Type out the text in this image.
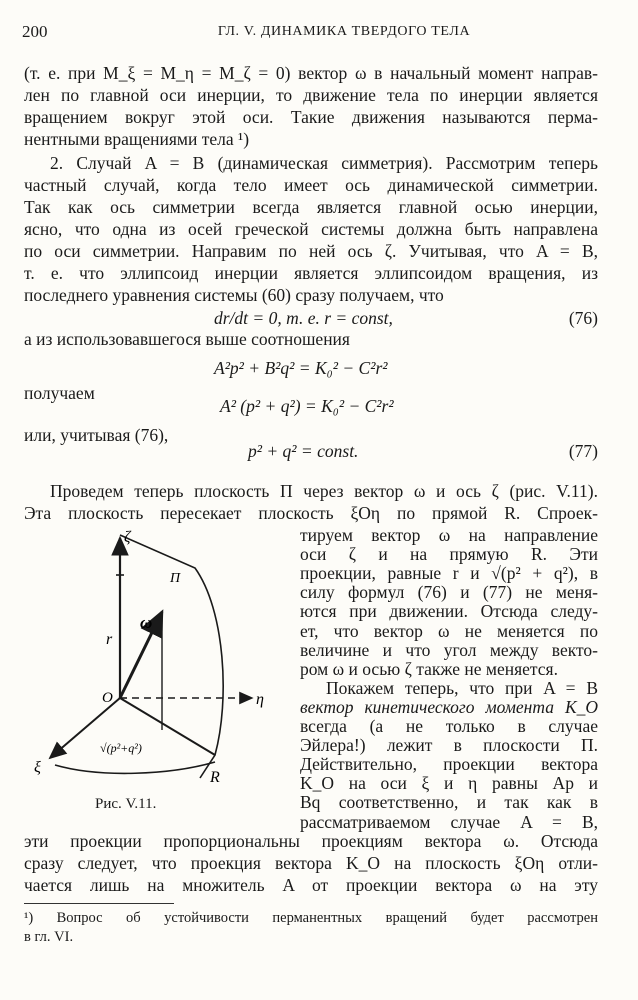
200	ГЛ. V. ДИНАМИКА ТВЕРДОГО ТЕЛА
(т. е. при M_ξ = M_η = M_ζ = 0) вектор ω в начальный момент направ-
лен по главной оси инерции, то движение тела по инерции является
вращением вокруг этой оси. Такие движения называются перма-
нентными вращениями тела ¹)
2. Случай A = B (динамическая симметрия). Рассмотрим теперь
частный случай, когда тело имеет ось динамической симметрии.
Так как ось симметрии всегда является главной осью инерции,
ясно, что одна из осей греческой системы должна быть направлена
по оси симметрии. Направим по ней ось ζ. Учитывая, что A = B,
т. е. что эллипсоид инерции является эллипсоидом вращения, из
последнего уравнения системы (60) сразу получаем, что
dr/dt = 0, т. е. r = const,	(76)
а из использовавшегося выше соотношения
A²p² + B²q² = K₀² − C²r²
получаем
A² (p² + q²) = K₀² − C²r²
или, учитывая (76),
p² + q² = const.	(77)
Проведем теперь плоскость П через вектор ω и ось ζ (рис. V.11).
Эта плоскость пересекает плоскость ξOη по прямой R. Спроек-
тируем вектор ω на направление
оси ζ и на прямую R. Эти
проекции, равные r и √(p² + q²), в
силу формул (76) и (77) не меня-
ются при движении. Отсюда следу-
ет, что вектор ω не меняется по
величине и что угол между векто-
ром ω и осью ζ также не меняется.
Покажем теперь, что при A = B
вектор кинетического момента K_O
всегда (а не только в случае
Эйлера!) лежит в плоскости П.
Действительно, проекции вектора
K_O на оси ξ и η равны Ap и
Bq соответственно, и так как в
рассматриваемом случае A = B,
ζ
П
ω
r
O	η
ξ
R
√(p²+q²)
Рис. V.11.
эти проекции пропорциональны проекциям вектора ω. Отсюда
сразу следует, что проекция вектора K_O на плоскость ξOη отли-
чается лишь на множитель A от проекции вектора ω на эту
¹) Вопрос об устойчивости перманентных вращений будет рассмотрен
в гл. VI.
